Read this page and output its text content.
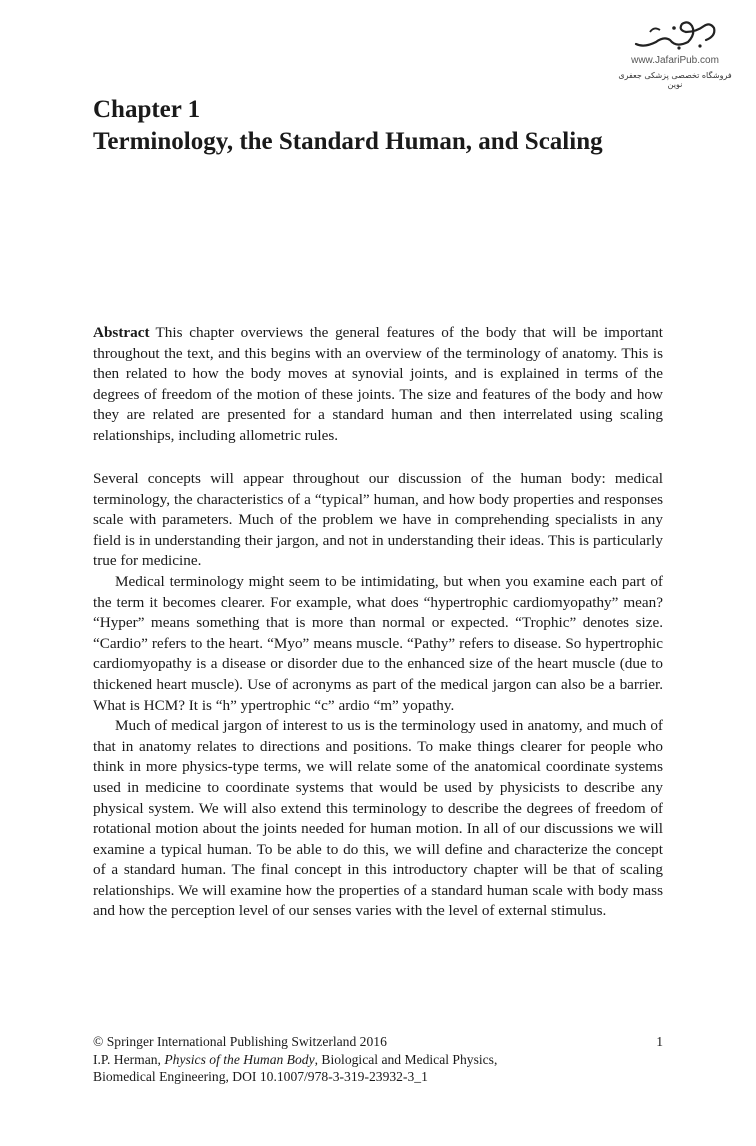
www.JafariPub.com
فروشگاه تخصصی پزشکی جعفری نوین
Chapter 1
Terminology, the Standard Human, and Scaling

Abstract This chapter overviews the general features of the body that will be important throughout the text, and this begins with an overview of the terminology of anatomy. This is then related to how the body moves at synovial joints, and is explained in terms of the degrees of freedom of the motion of these joints. The size and features of the body and how they are related are presented for a standard human and then interrelated using scaling relationships, including allometric rules.

Several concepts will appear throughout our discussion of the human body: medical terminology, the characteristics of a “typical” human, and how body properties and responses scale with parameters. Much of the problem we have in comprehending specialists in any field is in understanding their jargon, and not in understanding their ideas. This is particularly true for medicine.

Medical terminology might seem to be intimidating, but when you examine each part of the term it becomes clearer. For example, what does “hypertrophic cardiomyopathy” mean? “Hyper” means something that is more than normal or expected. “Trophic” denotes size. “Cardio” refers to the heart. “Myo” means muscle. “Pathy” refers to disease. So hypertrophic cardiomyopathy is a disease or disorder due to the enhanced size of the heart muscle (due to thickened heart muscle). Use of acronyms as part of the medical jargon can also be a barrier. What is HCM? It is “h” ypertrophic “c” ardio “m” yopathy.

Much of medical jargon of interest to us is the terminology used in anatomy, and much of that in anatomy relates to directions and positions. To make things clearer for people who think in more physics-type terms, we will relate some of the anatomical coordinate systems used in medicine to coordinate systems that would be used by physicists to describe any physical system. We will also extend this terminology to describe the degrees of freedom of rotational motion about the joints needed for human motion. In all of our discussions we will examine a typical human. To be able to do this, we will define and characterize the concept of a standard human. The final concept in this introductory chapter will be that of scaling relationships. We will examine how the properties of a standard human scale with body mass and how the perception level of our senses varies with the level of external stimulus.

© Springer International Publishing Switzerland 2016	1
I.P. Herman, Physics of the Human Body, Biological and Medical Physics,
Biomedical Engineering, DOI 10.1007/978-3-319-23932-3_1
